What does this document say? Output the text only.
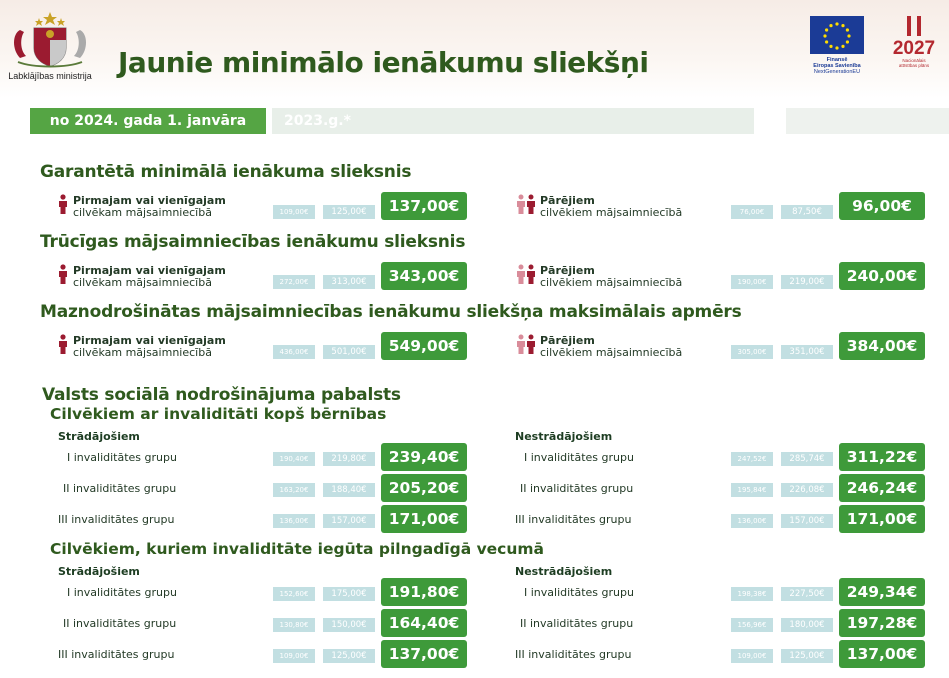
Labklājības ministrija Jaunie minimālo ienākumu sliekšņi	Finansē
Eiropas Savienība
NextGenerationEU
2027
Nacionālais
attīstības plāns
no 2024. gada 1. janvāra	2023.g.*
Garantētā minimālā ienākuma slieksnis
Pirmajam vai vienīgajam
cilvēkam mājsaimniecībā	109,00€	125,00€	137,00€	Pārējiem
cilvēkiem mājsaimniecībā	76,00€	87,50€	96,00€
Trūcīgas mājsaimniecības ienākumu slieksnis
Pirmajam vai vienīgajam
cilvēkam mājsaimniecībā	272,00€	313,00€	343,00€	Pārējiem
cilvēkiem mājsaimniecībā	190,00€	219,00€	240,00€
Maznodrošinātas mājsaimniecības ienākumu sliekšņa maksimālais apmērs
Pirmajam vai vienīgajam
cilvēkam mājsaimniecībā	436,00€	501,00€	549,00€	Pārējiem
cilvēkiem mājsaimniecībā	305,00€	351,00€	384,00€
Valsts sociālā nodrošinājuma pabalsts
Cilvēkiem ar invaliditāti kopš bērnības
Strādājošiem	Nestrādājošiem
I invaliditātes grupu	190,40€	219,80€	239,40€	I invaliditātes grupu	247,52€	285,74€	311,22€
II invaliditātes grupu	163,20€	188,40€	205,20€	II invaliditātes grupu	195,84€	226,08€	246,24€
III invaliditātes grupu	136,00€	157,00€	171,00€	III invaliditātes grupu	136,00€	157,00€	171,00€
Cilvēkiem, kuriem invaliditāte iegūta pilngadīgā vecumā
Strādājošiem	Nestrādājošiem
I invaliditātes grupu	152,60€	175,00€	191,80€	I invaliditātes grupu	198,38€	227,50€	249,34€
II invaliditātes grupu	130,80€	150,00€	164,40€	II invaliditātes grupu	156,96€	180,00€	197,28€
III invaliditātes grupu	109,00€	125,00€	137,00€	III invaliditātes grupu	109,00€	125,00€	137,00€
